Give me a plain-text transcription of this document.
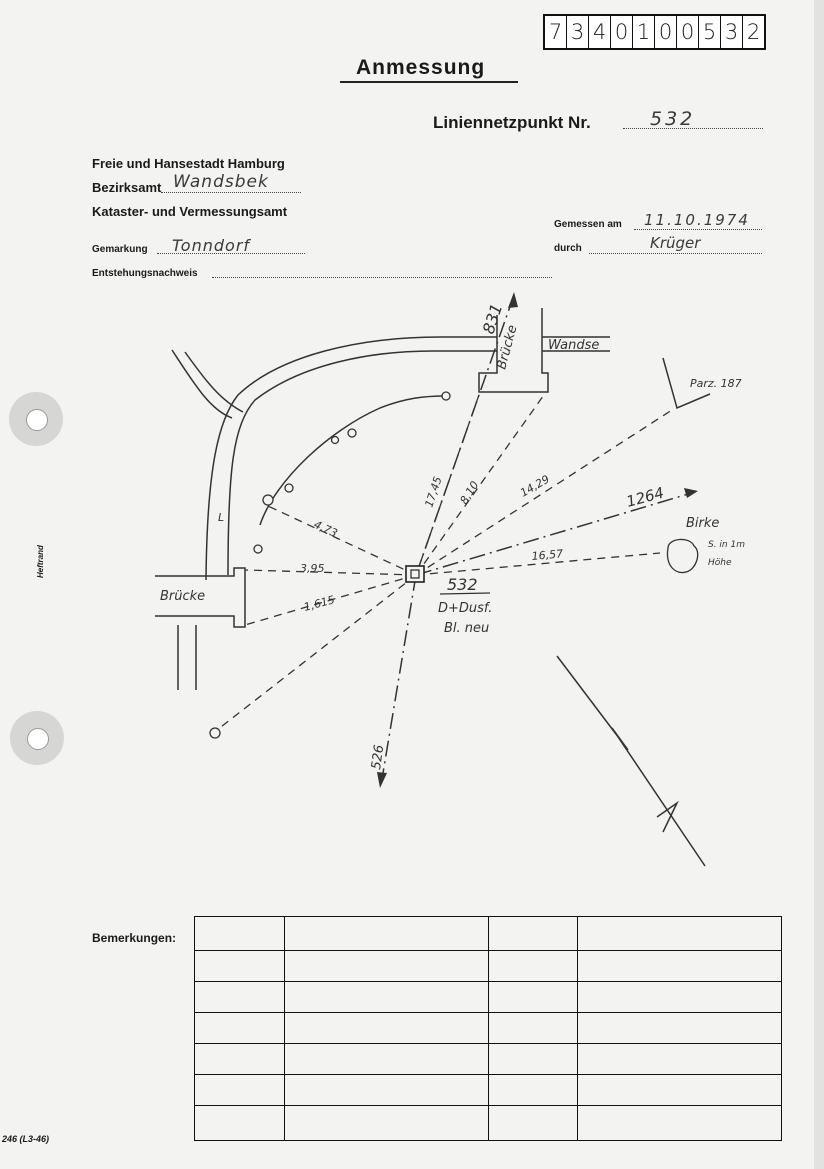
7 3 4 0 1 0 0 5 3 2
Anmessung
Liniennetzpunkt Nr.	532
Freie und Hansestadt Hamburg
Bezirksamt Wandsbek
Kataster- und Vermessungsamt
Gemarkung Tonndorf
Entstehungsnachweis
Gemessen am 11.10.1974
durch	Krüger
Heftrand
246 (L3-46)
Brücke Wandse
Brücke
Parz. 187
Birke
S. in 1m
Höhe
532
D+Dusf.
Bl. neu
831
1264
526
17,45 8,10	14,29
16,57
4,73
3,95
1,615
L
Bemerkungen:
